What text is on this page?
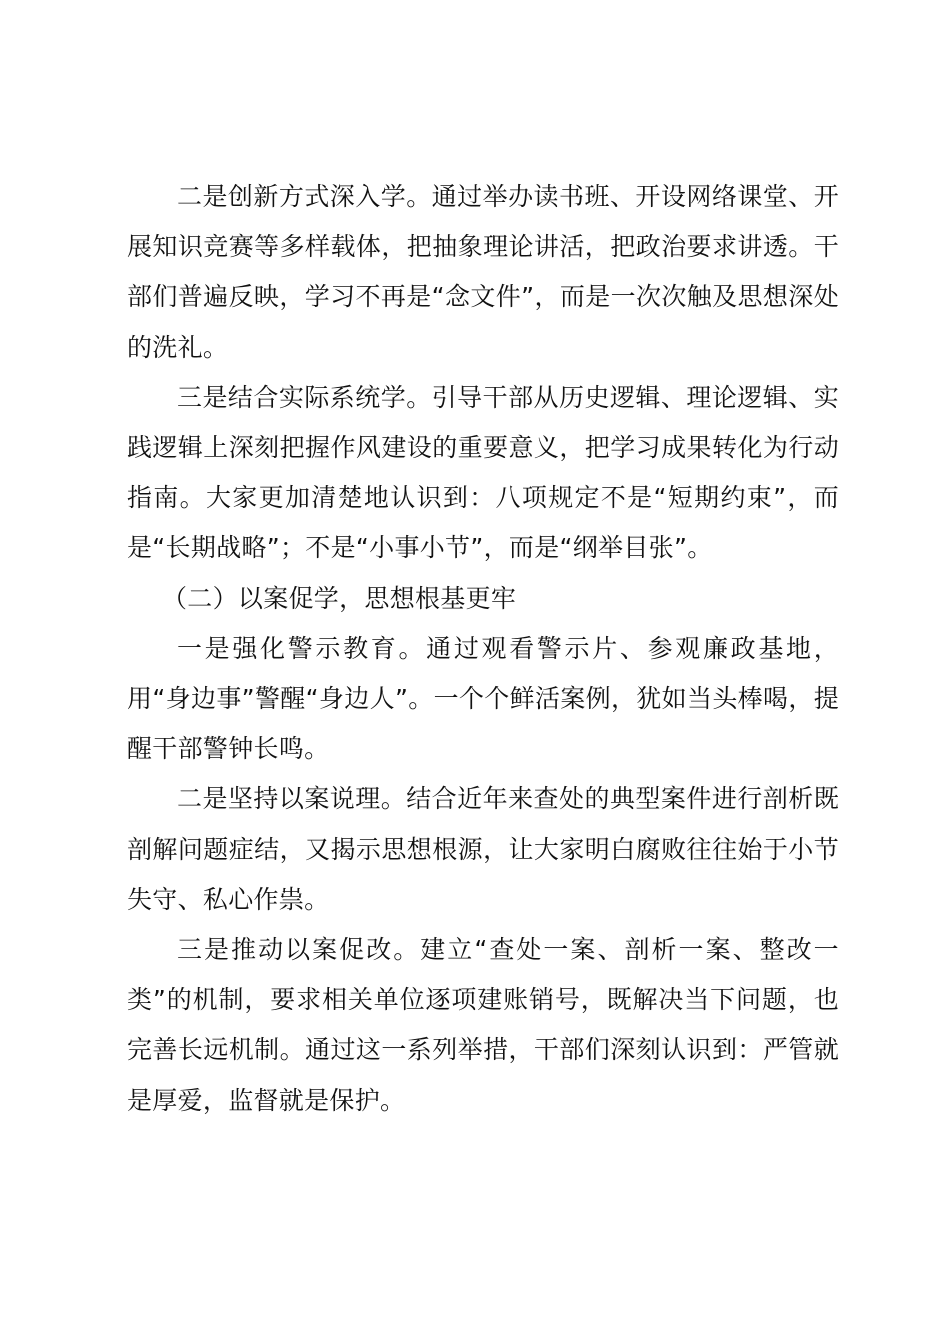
二是创新方式深入学。通过举办读书班、开设网络课堂、开展知识竞赛等多样载体，把抽象理论讲活，把政治要求讲透。干部们普遍反映，学习不再是“念文件”，而是一次次触及思想深处的洗礼。

三是结合实际系统学。引导干部从历史逻辑、理论逻辑、实践逻辑上深刻把握作风建设的重要意义，把学习成果转化为行动指南。大家更加清楚地认识到：八项规定不是“短期约束”，而是“长期战略”；不是“小事小节”，而是“纲举目张”。

（二）以案促学，思想根基更牢

一是强化警示教育。通过观看警示片、参观廉政基地，用“身边事”警醒“身边人”。一个个鲜活案例，犹如当头棒喝，提醒干部警钟长鸣。

二是坚持以案说理。结合近年来查处的典型案件进行剖析既剖解问题症结，又揭示思想根源，让大家明白腐败往往始于小节失守、私心作祟。

三是推动以案促改。建立“查处一案、剖析一案、整改一类”的机制，要求相关单位逐项建账销号，既解决当下问题，也完善长远机制。通过这一系列举措，干部们深刻认识到：严管就是厚爱，监督就是保护。
